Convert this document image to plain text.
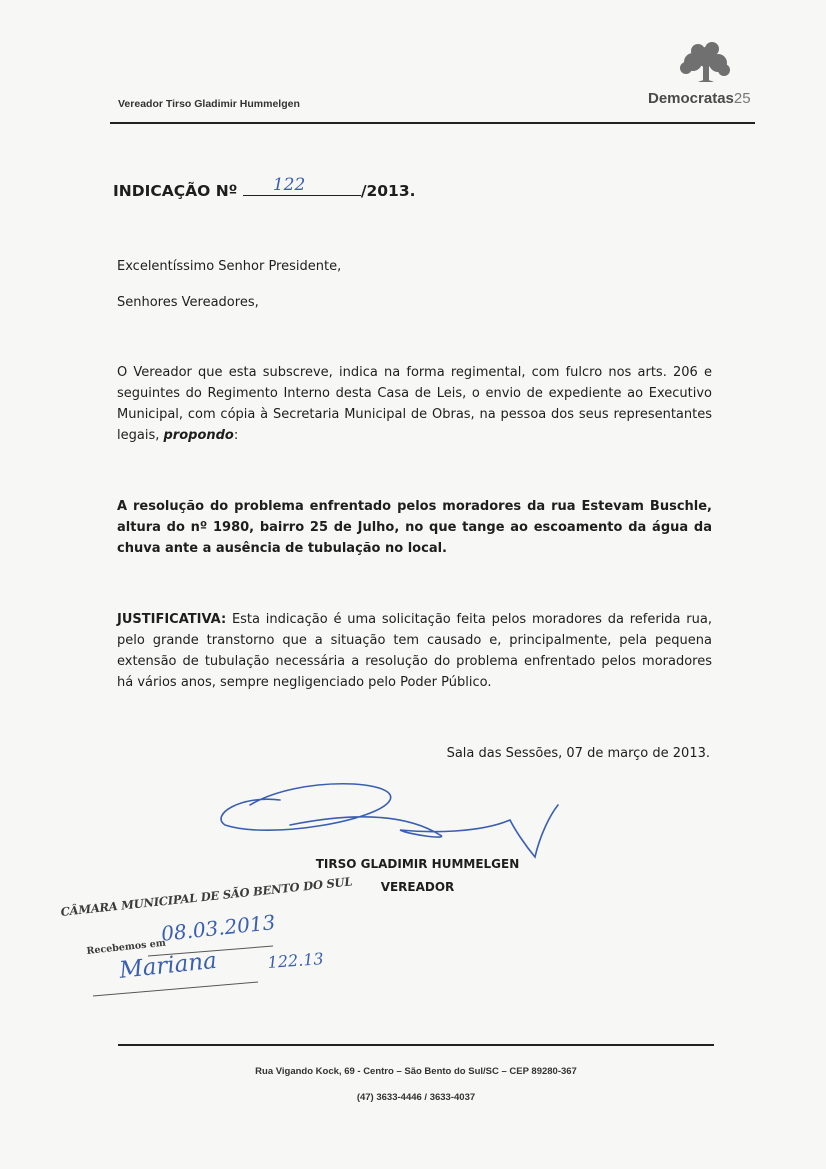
Vereador Tirso Gladimir Hummelgen	Democratas25
INDICAÇÃO Nº 122	/2013.
Excelentíssimo Senhor Presidente,
Senhores Vereadores,
O Vereador que esta subscreve, indica na forma regimental, com fulcro nos arts. 206 e seguintes do Regimento Interno desta Casa de Leis, o envio de expediente ao Executivo Municipal, com cópia à Secretaria Municipal de Obras, na pessoa dos seus representantes legais, propondo:
A resolução do problema enfrentado pelos moradores da rua Estevam Buschle, altura do nº 1980, bairro 25 de Julho, no que tange ao escoamento da água da chuva ante a ausência de tubulação no local.
JUSTIFICATIVA: Esta indicação é uma solicitação feita pelos moradores da referida rua, pelo grande transtorno que a situação tem causado e, principalmente, pela pequena extensão de tubulação necessária a resolução do problema enfrentado pelos moradores há vários anos, sempre negligenciado pelo Poder Público.
Sala das Sessões, 07 de março de 2013.
TIRSO GLADIMIR HUMMELGEN
VEREADOR
CÂMARA MUNICIPAL DE SÃO BENTO DO SUL
Recebemos em
08.03.2013
Mariana	122.13
Rua Vigando Kock, 69 - Centro – São Bento do Sul/SC – CEP 89280-367
(47) 3633-4446 / 3633-4037
